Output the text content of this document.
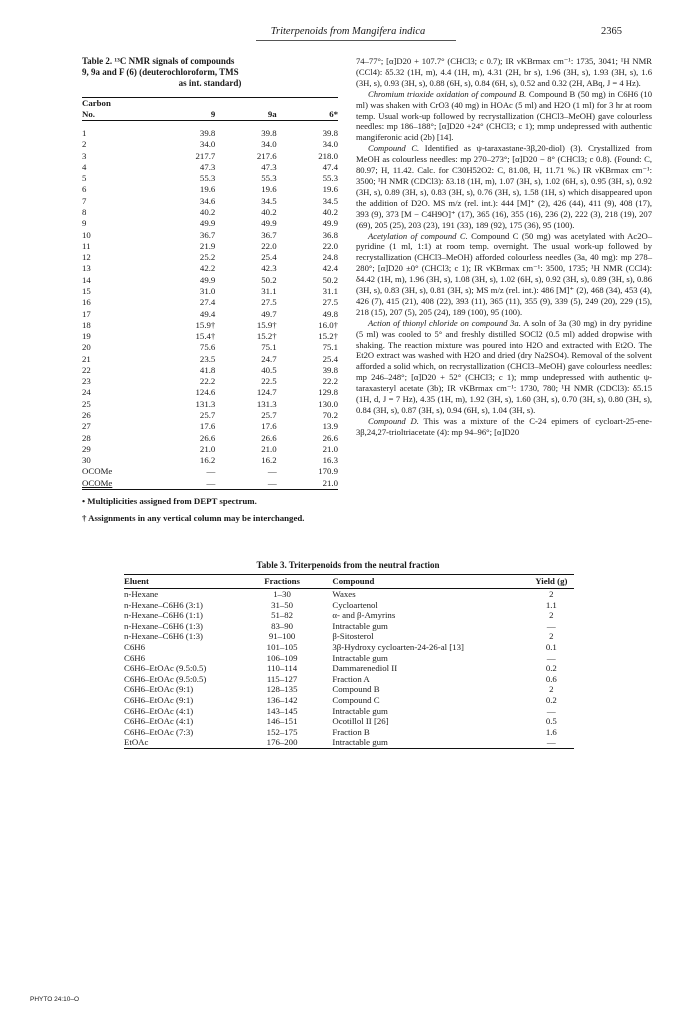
Triterpenoids from Mangifera indica	2365
Table 2. ¹³C NMR signals of compounds
9, 9a and F (6) (deuterochloroform, TMS
as int. standard)
Carbon			
No.	9	9a	6*

1	39.8	39.8	39.8
2	34.0	34.0	34.0
3	217.7	217.6	218.0
4	47.3	47.3	47.4
5	55.3	55.3	55.3
6	19.6	19.6	19.6
7	34.6	34.5	34.5
8	40.2	40.2	40.2
9	49.9	49.9	49.9
10	36.7	36.7	36.8
11	21.9	22.0	22.0
12	25.2	25.4	24.8
13	42.2	42.3	42.4
14	49.9	50.2	50.2
15	31.0	31.1	31.1
16	27.4	27.5	27.5
17	49.4	49.7	49.8
18	15.9†	15.9†	16.0†
19	15.4†	15.2†	15.2†
20	75.6	75.1	75.1
21	23.5	24.7	25.4
22	41.8	40.5	39.8
23	22.2	22.5	22.2
24	124.6	124.7	129.8
25	131.3	131.3	130.0
26	25.7	25.7	70.2
27	17.6	17.6	13.9
28	26.6	26.6	26.6
29	21.0	21.0	21.0
30	16.2	16.2	16.3
OCOMe	—	—	170.9
OCOMe	—	—	21.0
• Multiplicities assigned from DEPT spectrum.
† Assignments in any vertical column may be interchanged.

74–77°; [α]D20 + 107.7° (CHCl3; c 0.7); IR νKBrmax cm⁻¹: 1735, 3041; ¹H NMR (CCl4): δ5.32 (1H, m), 4.4 (1H, m), 4.31 (2H, br s), 1.96 (3H, s), 1.93 (3H, s), 1.6 (3H, s), 0.93 (3H, s), 0.88 (6H, s), 0.84 (6H, s), 0.52 and 0.32 (2H, ABq, J = 4 Hz).

Chromium trioxide oxidation of compound B. Compound B (50 mg) in C6H6 (10 ml) was shaken with CrO3 (40 mg) in HOAc (5 ml) and H2O (1 ml) for 3 hr at room temp. Usual work-up followed by recrystallization (CHCl3–MeOH) gave colourless needles: mp 186–188°; [α]D20 +24° (CHCl3; c 1); mmp undepressed with authentic mangiferonic acid (2b) [14].

Compound C. Identified as ψ-taraxastane-3β,20-diol) (3). Crystallized from MeOH as colourless needles: mp 270–273°; [α]D20 − 8° (CHCl3; c 0.8). (Found: C, 80.97; H, 11.42. Calc. for C30H52O2: C, 81.08, H, 11.71 %.) IR νKBrmax cm⁻¹: 3500; ¹H NMR (CDCl3): δ3.18 (1H, m), 1.07 (3H, s), 1.02 (6H, s), 0.95 (3H, s), 0.92 (3H, s), 0.89 (3H, s), 0.83 (3H, s), 0.76 (3H, s), 1.58 (1H, s) which disappeared upon the addition of D2O. MS m/z (rel. int.): 444 [M]⁺ (2), 426 (44), 411 (9), 408 (17), 393 (9), 373 [M − C4H9O]⁺ (17), 365 (16), 355 (16), 236 (2), 222 (3), 218 (19), 207 (69), 205 (25), 203 (23), 191 (33), 189 (92), 175 (36), 95 (100).

Acetylation of compound C. Compound C (50 mg) was acetylated with Ac2O–pyridine (1 ml, 1:1) at room temp. overnight. The usual work-up followed by recrystallization (CHCl3–MeOH) afforded colourless needles (3a, 40 mg): mp 278–280°; [α]D20 ±0° (CHCl3; c 1); IR νKBrmax cm⁻¹: 3500, 1735; ¹H NMR (CCl4): δ4.42 (1H, m), 1.96 (3H, s), 1.08 (3H, s), 1.02 (6H, s), 0.92 (3H, s), 0.89 (3H, s), 0.86 (3H, s), 0.83 (3H, s), 0.81 (3H, s); MS m/z (rel. int.): 486 [M]⁺ (2), 468 (34), 453 (4), 426 (7), 415 (21), 408 (22), 393 (11), 365 (11), 355 (9), 339 (5), 249 (20), 229 (15), 218 (15), 207 (5), 205 (24), 189 (100), 95 (100).

Action of thionyl chloride on compound 3a. A soln of 3a (30 mg) in dry pyridine (5 ml) was cooled to 5° and freshly distilled SOCl2 (0.5 ml) added dropwise with shaking. The reaction mixture was poured into H2O and extracted with Et2O. The Et2O extract was washed with H2O and dried (dry Na2SO4). Removal of the solvent afforded a solid which, on recrystallization (CHCl3–MeOH) gave colourless needles: mp 246–248°; [α]D20 + 52° (CHCl3; c 1); mmp undepressed with authentic ψ-taraxasteryl acetate (3b); IR νKBrmax cm⁻¹: 1730, 780; ¹H NMR (CDCl3): δ5.15 (1H, d, J = 7 Hz), 4.35 (1H, m), 1.92 (3H, s), 1.60 (3H, s), 0.70 (3H, s), 0.80 (3H, s), 0.84 (3H, s), 0.87 (3H, s), 0.94 (6H, s), 1.04 (3H, s).

Compound D. This was a mixture of the C-24 epimers of cycloart-25-ene-3β,24,27-trioltriacetate (4): mp 94–96°; [α]D20

Table 3. Triterpenoids from the neutral fraction
Eluent	Fractions	Compound	Yield (g)
n-Hexane	1–30	Waxes	2
n-Hexane–C6H6 (3:1)	31–50	Cycloartenol	1.1
n-Hexane–C6H6 (1:1)	51–82	α- and β-Amyrins	2
n-Hexane–C6H6 (1:3)	83–90	Intractable gum	—
n-Hexane–C6H6 (1:3)	91–100	β-Sitosterol	2
C6H6	101–105	3β-Hydroxy cycloarten-24-26-al [13]	0.1
C6H6	106–109	Intractable gum	—
C6H6–EtOAc (9.5:0.5)	110–114	Dammarenediol II	0.2
C6H6–EtOAc (9.5:0.5)	115–127	Fraction A	0.6
C6H6–EtOAc (9:1)	128–135	Compound B	2
C6H6–EtOAc (9:1)	136–142	Compound C	0.2
C6H6–EtOAc (4:1)	143–145	Intractable gum	—
C6H6–EtOAc (4:1)	146–151	Ocotillol II [26]	0.5
C6H6–EtOAc (7:3)	152–175	Fraction B	1.6
EtOAc	176–200	Intractable gum	—
PHYTO 24:10–O
